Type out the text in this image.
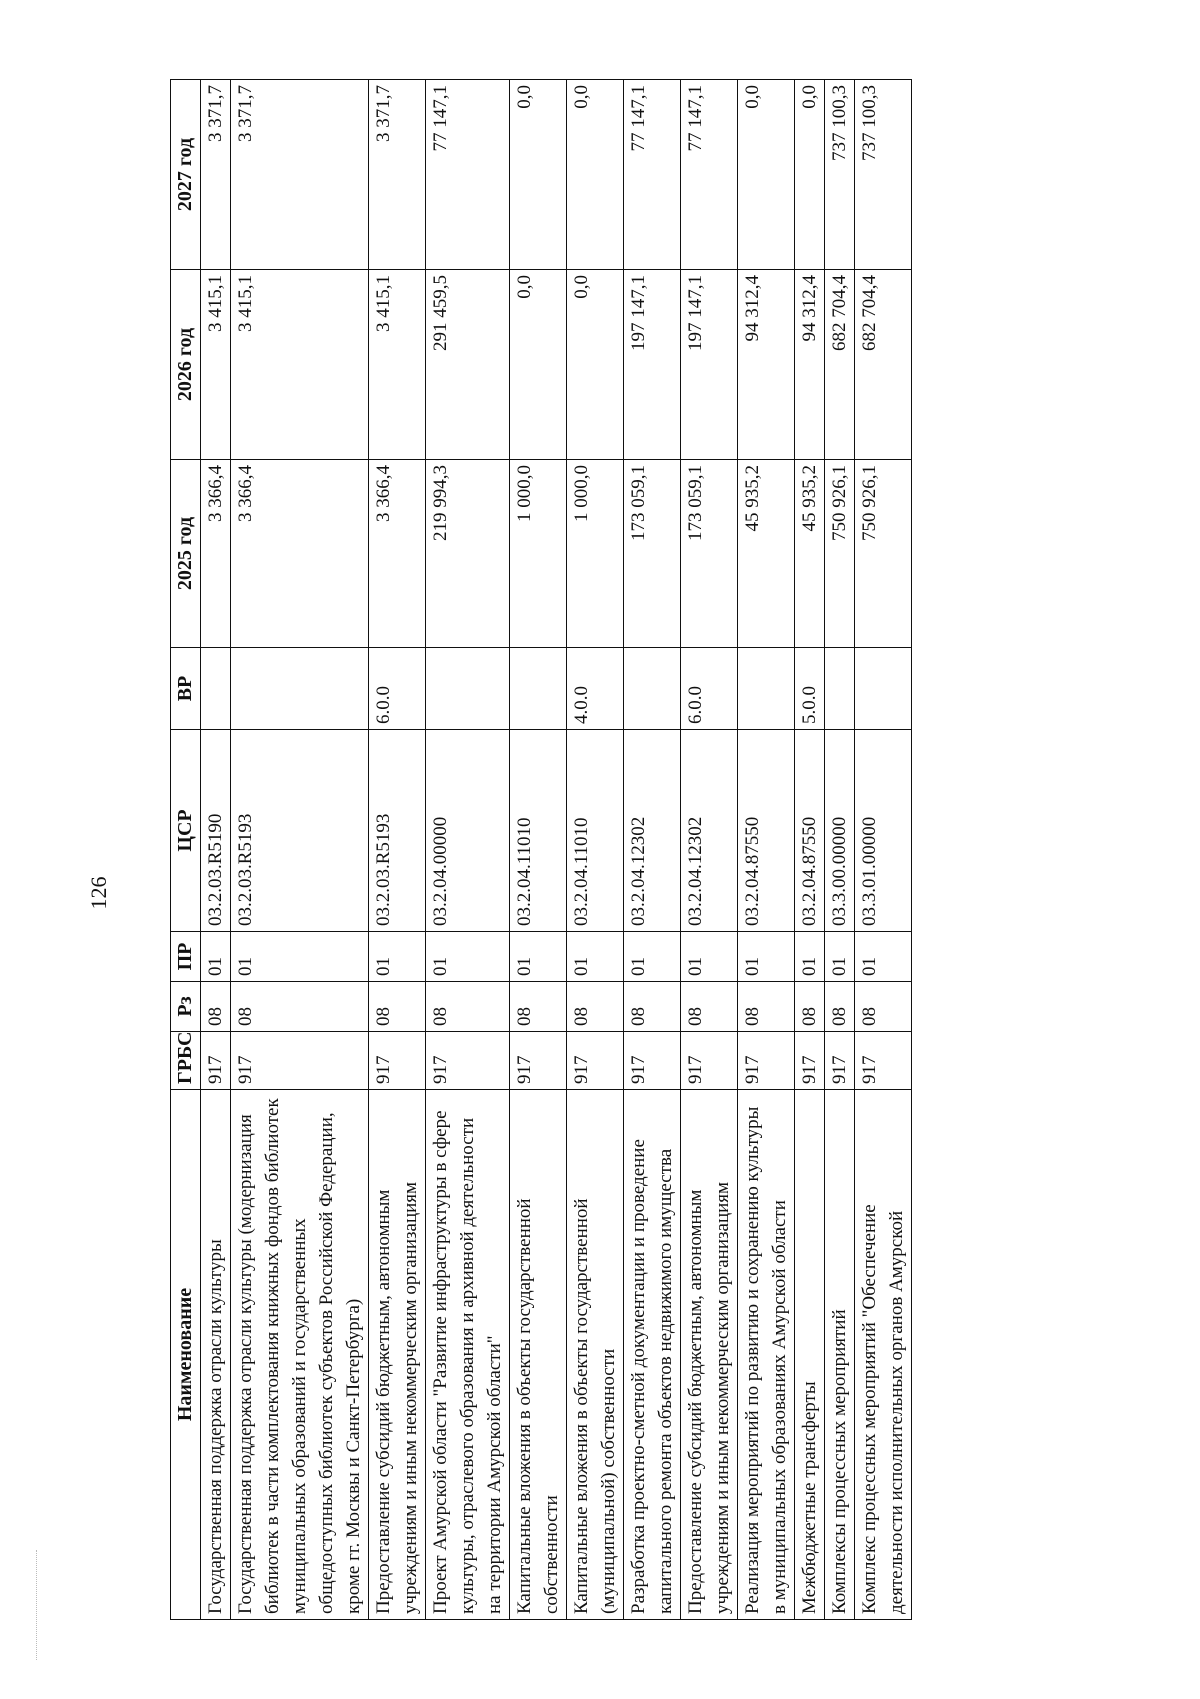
126
Наименование	ГРБС	Рз	ПР	ЦСР	ВР	2025 год	2026 год	2027 год
Государственная поддержка отрасли культуры	917	08	01	03.2.03.R5190		3 366,4	3 415,1	3 371,7
Государственная поддержка отрасли культуры (модернизация библиотек в части комплектования книжных фондов библиотек муниципальных образований и государственных общедоступных библиотек субъектов Российской Федерации, кроме гг. Москвы и Санкт-Петербурга)	917	08	01	03.2.03.R5193		3 366,4	3 415,1	3 371,7
Предоставление субсидий бюджетным, автономным учреждениям и иным некоммерческим организациям	917	08	01	03.2.03.R5193	6.0.0	3 366,4	3 415,1	3 371,7
Проект Амурской области "Развитие инфраструктуры в сфере культуры, отраслевого образования и архивной деятельности на территории Амурской области"	917	08	01	03.2.04.00000		219 994,3	291 459,5	77 147,1
Капитальные вложения в объекты государственной собственности	917	08	01	03.2.04.11010		1 000,0	0,0	0,0
Капитальные вложения в объекты государственной (муниципальной) собственности	917	08	01	03.2.04.11010	4.0.0	1 000,0	0,0	0,0
Разработка проектно-сметной документации и проведение капитального ремонта объектов недвижимого имущества	917	08	01	03.2.04.12302		173 059,1	197 147,1	77 147,1
Предоставление субсидий бюджетным, автономным учреждениям и иным некоммерческим организациям	917	08	01	03.2.04.12302	6.0.0	173 059,1	197 147,1	77 147,1
Реализация мероприятий по развитию и сохранению культуры в муниципальных образованиях Амурской области	917	08	01	03.2.04.87550		45 935,2	94 312,4	0,0
Межбюджетные трансферты	917	08	01	03.2.04.87550	5.0.0	45 935,2	94 312,4	0,0
Комплексы процессных мероприятий	917	08	01	03.3.00.00000		750 926,1	682 704,4	737 100,3
Комплекс процессных мероприятий "Обеспечение деятельности исполнительных органов Амурской	917	08	01	03.3.01.00000		750 926,1	682 704,4	737 100,3
